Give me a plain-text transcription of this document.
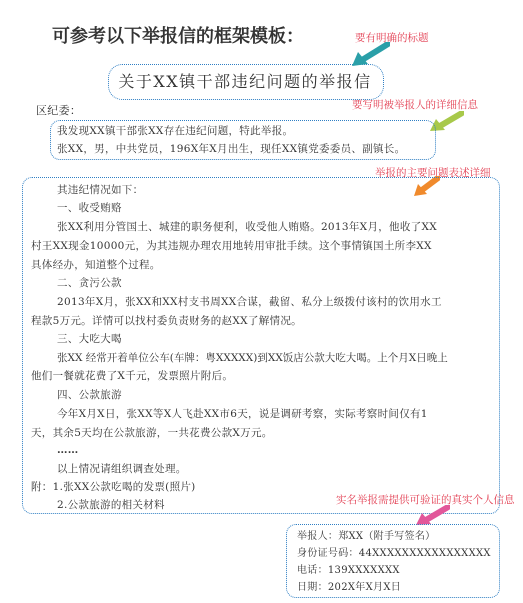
可参考以下举报信的框架模板：
关于XX镇干部违纪问题的举报信
要有明确的标题
区纪委：	要写明被举报人的详细信息
我发现XX镇干部张XX存在违纪问题，特此举报。
张XX，男，中共党员，196X年X月出生，现任XX镇党委委员、副镇长。
举报的主要问题表述详细
其违纪情况如下：
一、收受贿赂
张XX利用分管国土、城建的职务便利，收受他人贿赂。2013年X月，他收了XX
村王XX现金10000元，为其违规办理农用地转用审批手续。这个事情镇国土所李XX
具体经办，知道整个过程。
二、贪污公款
2013年X月，张XX和XX村支书周XX合谋，截留、私分上级拨付该村的饮用水工
程款5万元。详情可以找村委负责财务的赵XX了解情况。
三、大吃大喝
张XX 经常开着单位公车(车牌：粤XXXXX)到XX饭店公款大吃大喝。上个月X日晚上
他们一餐就花费了X千元，发票照片附后。
四、公款旅游
今年X月X日，张XX等X人飞赴XX市6天，说是调研考察，实际考察时间仅有1
天，其余5天均在公款旅游，一共花费公款X万元。
……
以上情况请组织调查处理。
附：1.张XX公款吃喝的发票(照片)
2.公款旅游的相关材料	实名举报需提供可验证的真实个人信息
举报人：郑XX（附手写签名）
身份证号码：44XXXXXXXXXXXXXXXX
电话：139XXXXXXX
日期：202X年X月X日
